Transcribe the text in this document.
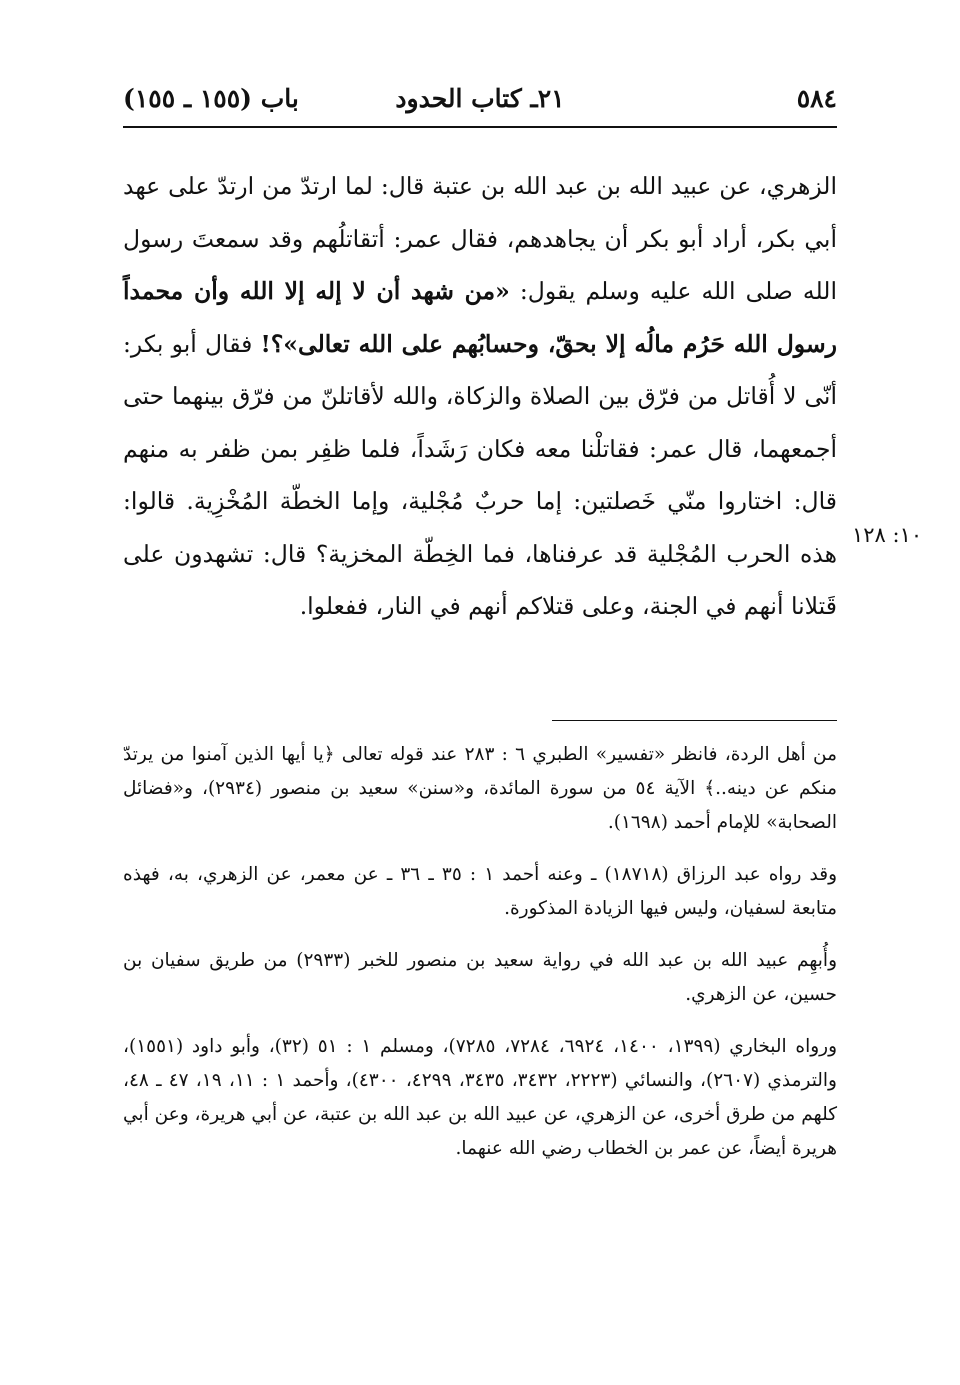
٥٨٤
٢١ـ كتاب الحدود
باب (١٥٥ ـ ١٥٥)

الزهري، عن عبيد الله بن عبد الله بن عتبة قال: لما ارتدّ من ارتدّ على عهد أبي بكر، أراد أبو بكر أن يجاهدهم، فقال عمر: أتقاتلُهم وقد سمعتَ رسول الله صلى الله عليه وسلم يقول: «من شهد أن لا إله إلا الله وأن محمداً رسول الله حَرُم مالُه إلا بحقّ، وحسابُهم على الله تعالى»؟! فقال أبو بكر: أنّى لا أُقاتل من فرّق بين الصلاة والزكاة، والله لأقاتلنّ من فرّق بينهما حتى أجمعهما، قال عمر: فقاتلْنا معه فكان رَشَداً، فلما ظفِر بمن ظفر به منهم قال: اختاروا منّي خَصلتين: إما حربٌ مُجْلية، وإما الخطّة المُخْزِية. قالوا: هذه الحرب المُجْلية قد عرفناها، فما الخِطّة المخزية؟ قال: تشهدون على قَتلانا أنهم في الجنة، وعلى قتلاكم أنهم في النار، ففعلوا.

١٠: ١٢٨

من أهل الردة، فانظر «تفسير» الطبري ٦ : ٢٨٣ عند قوله تعالى ﴿يا أيها الذين آمنوا من يرتدّ منكم عن دينه..﴾ الآية ٥٤ من سورة المائدة، و«سنن» سعيد بن منصور (٢٩٣٤)، و«فضائل الصحابة» للإمام أحمد (١٦٩٨).

وقد رواه عبد الرزاق (١٨٧١٨) ـ وعنه أحمد ١ : ٣٥ ـ ٣٦ ـ عن معمر، عن الزهري، به، فهذه متابعة لسفيان، وليس فيها الزيادة المذكورة.

وأُبهِم عبيد الله بن عبد الله في رواية سعيد بن منصور للخبر (٢٩٣٣) من طريق سفيان بن حسين، عن الزهري.

ورواه البخاري (١٣٩٩، ١٤٠٠، ٦٩٢٤، ٧٢٨٤، ٧٢٨٥)، ومسلم ١ : ٥١ (٣٢)، وأبو داود (١٥٥١)، والترمذي (٢٦٠٧)، والنسائي (٢٢٢٣، ٣٤٣٢، ٣٤٣٥، ٤٢٩٩، ٤٣٠٠)، وأحمد ١ : ١١، ١٩، ٤٧ ـ ٤٨، كلهم من طرق أخرى، عن الزهري، عن عبيد الله بن عبد الله بن عتبة، عن أبي هريرة، وعن أبي هريرة أيضاً، عن عمر بن الخطاب رضي الله عنهما.
